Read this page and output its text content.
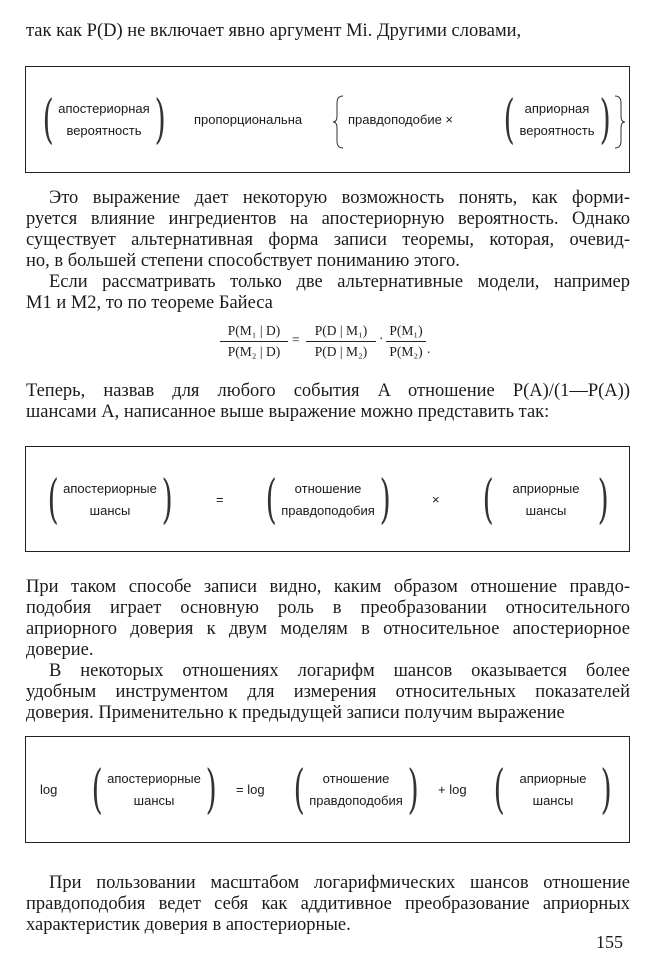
так как P(D) не включает явно аргумент Mi. Другими словами,
( апостериорная
вероятность ) пропорциональна	правдоподобие × ( априорная
вероятность )
Это выражение дает некоторую возможность понять, как форми-
руется влияние ингредиентов на апостериорную вероятность. Однако
существует альтернативная форма записи теоремы, которая, очевид-
но, в большей степени способствует пониманию этого.
Если рассматривать только две альтернативные модели, например
M1 и M2, то по теореме Байеса
$\frac{\text{P(M₁ | D)}}{\text{P(M₂ | D)}} = \frac{\text{P(D | M₁)}}{\text{P(D | M₂)}} \cdot \frac{\text{P(M₁)}}{\text{P(M₂)}}$ .
Теперь, назвав для любого события A отношение P(A)/(1—P(A))
шансами A, написанное выше выражение можно представить так:
( апостериорные
шансы )	= (	отношение
правдоподобия )	× ( априорные
шансы )
При таком способе записи видно, каким образом отношение правдо-
подобия играет основную роль в преобразовании относительного
априорного доверия к двум моделям в относительное апостериорное
доверие.
В некоторых отношениях логарифм шансов оказывается более
удобным инструментом для измерения относительных показателей
доверия. Применительно к предыдущей записи получим выражение
log ( апостериорные
шансы ) = log (	отношение
правдоподобия ) + log ( априорные
шансы )
При пользовании масштабом логарифмических шансов отношение
правдоподобия ведет себя как аддитивное преобразование априорных
характеристик доверия в апостериорные.
155
